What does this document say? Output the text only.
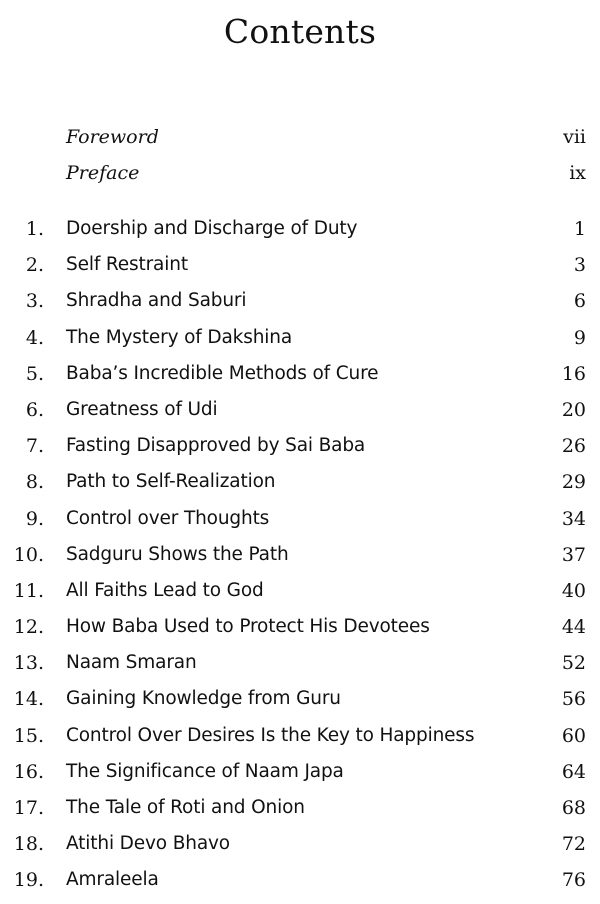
Contents
Foreword	vii
Preface	ix
1. Doership and Discharge of Duty	1
2. Self Restraint	3
3. Shradha and Saburi	6
4. The Mystery of Dakshina	9
5. Baba’s Incredible Methods of Cure	16
6. Greatness of Udi	20
7. Fasting Disapproved by Sai Baba	26
8. Path to Self-Realization	29
9. Control over Thoughts	34
10. Sadguru Shows the Path	37
11. All Faiths Lead to God	40
12. How Baba Used to Protect His Devotees	44
13. Naam Smaran	52
14. Gaining Knowledge from Guru	56
15. Control Over Desires Is the Key to Happiness	60
16. The Significance of Naam Japa	64
17. The Tale of Roti and Onion	68
18. Atithi Devo Bhavo	72
19. Amraleela	76
